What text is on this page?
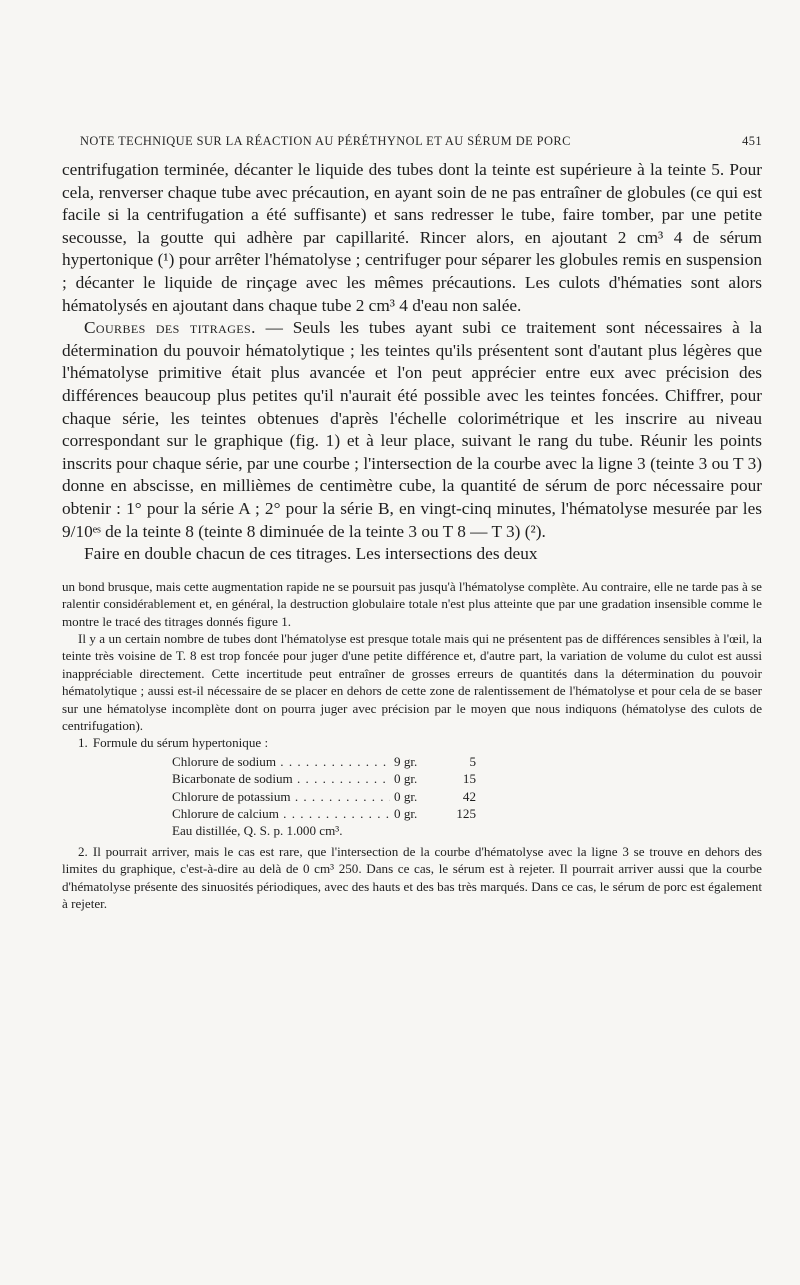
NOTE TECHNIQUE SUR LA RÉACTION AU PÉRÉTHYNOL ET AU SÉRUM DE PORC	451

centrifugation terminée, décanter le liquide des tubes dont la teinte est supérieure à la teinte 5. Pour cela, renverser chaque tube avec précaution, en ayant soin de ne pas entraîner de globules (ce qui est facile si la centrifugation a été suffisante) et sans redresser le tube, faire tomber, par une petite secousse, la goutte qui adhère par capillarité. Rincer alors, en ajoutant 2 cm³ 4 de sérum hypertonique (¹) pour arrêter l'hématolyse ; centrifuger pour séparer les globules remis en suspension ; décanter le liquide de rinçage avec les mêmes précautions. Les culots d'hématies sont alors hématolysés en ajoutant dans chaque tube 2 cm³ 4 d'eau non salée.

Courbes des titrages. — Seuls les tubes ayant subi ce traitement sont nécessaires à la détermination du pouvoir hématolytique ; les teintes qu'ils présentent sont d'autant plus légères que l'hématolyse primitive était plus avancée et l'on peut apprécier entre eux avec précision des différences beaucoup plus petites qu'il n'aurait été possible avec les teintes foncées. Chiffrer, pour chaque série, les teintes obtenues d'après l'échelle colorimétrique et les inscrire au niveau correspondant sur le graphique (fig. 1) et à leur place, suivant le rang du tube. Réunir les points inscrits pour chaque série, par une courbe ; l'intersection de la courbe avec la ligne 3 (teinte 3 ou T 3) donne en abscisse, en millièmes de centimètre cube, la quantité de sérum de porc nécessaire pour obtenir : 1° pour la série A ; 2° pour la série B, en vingt-cinq minutes, l'hématolyse mesurée par les 9/10ᵉˢ de la teinte 8 (teinte 8 diminuée de la teinte 3 ou T 8 — T 3) (²).

Faire en double chacun de ces titrages. Les intersections des deux

un bond brusque, mais cette augmentation rapide ne se poursuit pas jusqu'à l'hématolyse complète. Au contraire, elle ne tarde pas à se ralentir considérablement et, en général, la destruction globulaire totale n'est plus atteinte que par une gradation insensible comme le montre le tracé des titrages donnés figure 1.

Il y a un certain nombre de tubes dont l'hématolyse est presque totale mais qui ne présentent pas de différences sensibles à l'œil, la teinte très voisine de T. 8 est trop foncée pour juger d'une petite différence et, d'autre part, la variation de volume du culot est aussi inappréciable directement. Cette incertitude peut entraîner de grosses erreurs de quantités dans la détermination du pouvoir hématolytique ; aussi est-il nécessaire de se placer en dehors de cette zone de ralentissement de l'hématolyse et pour cela de se baser sur une hématolyse incomplète dont on pourra juger avec précision par le moyen que nous indiquons (hématolyse des culots de centrifugation).

1. Formule du sérum hypertonique :

Chlorure de sodium . . .	9 gr.	5
Bicarbonate de sodium . . .	0 gr.	15
Chlorure de potassium . . .	0 gr.	42
Chlorure de calcium . . .	0 gr.	125
Eau distillée, Q. S. p. 1.000 cm³.

2. Il pourrait arriver, mais le cas est rare, que l'intersection de la courbe d'hématolyse avec la ligne 3 se trouve en dehors des limites du graphique, c'est-à-dire au delà de 0 cm³ 250. Dans ce cas, le sérum est à rejeter. Il pourrait arriver aussi que la courbe d'hématolyse présente des sinuosités périodiques, avec des hauts et des bas très marqués. Dans ce cas, le sérum de porc est également à rejeter.
